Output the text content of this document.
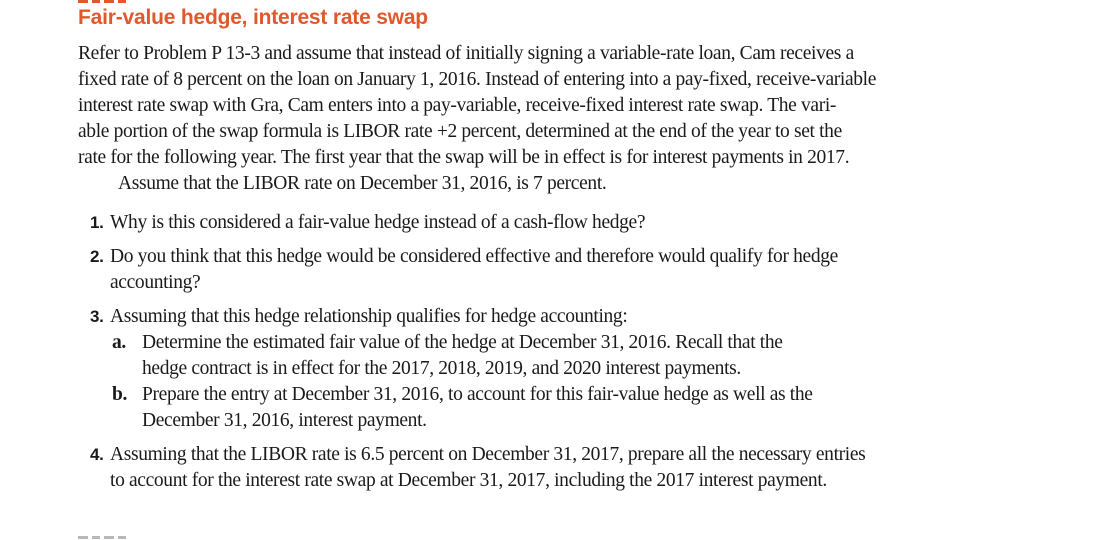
Fair-value hedge, interest rate swap
Refer to Problem P 13-3 and assume that instead of initially signing a variable-rate loan, Cam receives a
fixed rate of 8 percent on the loan on January 1, 2016. Instead of entering into a pay-fixed, receive-variable
interest rate swap with Gra, Cam enters into a pay-variable, receive-fixed interest rate swap. The vari-
able portion of the swap formula is LIBOR rate +2 percent, determined at the end of the year to set the
rate for the following year. The first year that the swap will be in effect is for interest payments in 2017.
Assume that the LIBOR rate on December 31, 2016, is 7 percent.
1. Why is this considered a fair-value hedge instead of a cash-flow hedge?
2. Do you think that this hedge would be considered effective and therefore would qualify for hedge
accounting?
3. Assuming that this hedge relationship qualifies for hedge accounting:
a. Determine the estimated fair value of the hedge at December 31, 2016. Recall that the
hedge contract is in effect for the 2017, 2018, 2019, and 2020 interest payments.
b. Prepare the entry at December 31, 2016, to account for this fair-value hedge as well as the
December 31, 2016, interest payment.
4. Assuming that the LIBOR rate is 6.5 percent on December 31, 2017, prepare all the necessary entries
to account for the interest rate swap at December 31, 2017, including the 2017 interest payment.
